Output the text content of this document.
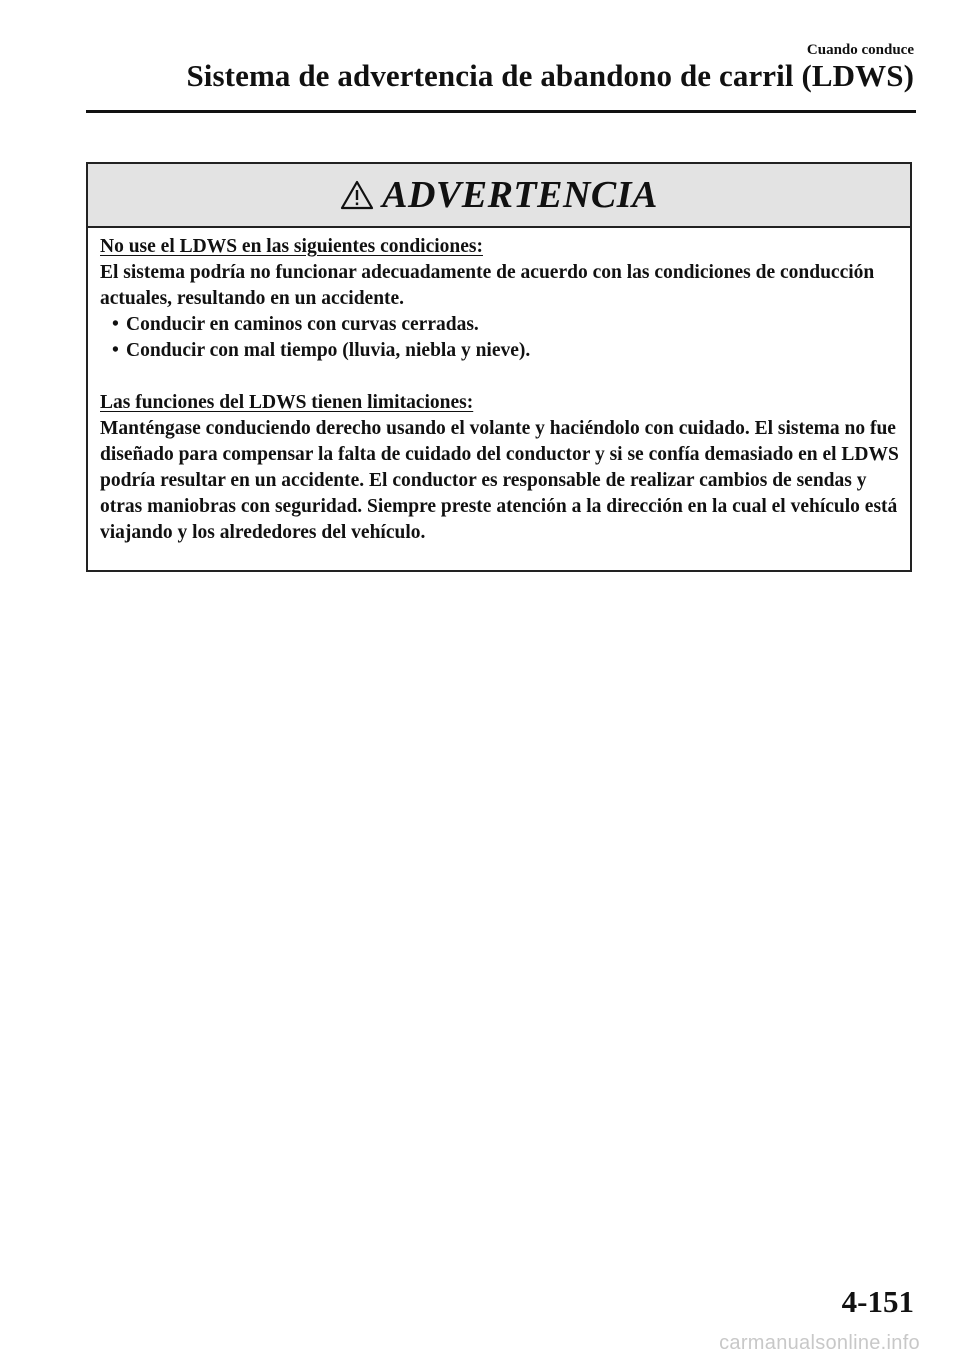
Cuando conduce
Sistema de advertencia de abandono de carril (LDWS)
ADVERTENCIA

No use el LDWS en las siguientes condiciones:

El sistema podría no funcionar adecuadamente de acuerdo con las condiciones de conducción actuales, resultando en un accidente.

• Conducir en caminos con curvas cerradas.
• Conducir con mal tiempo (lluvia, niebla y nieve).

Las funciones del LDWS tienen limitaciones:

Manténgase conduciendo derecho usando el volante y haciéndolo con cuidado. El sistema no fue diseñado para compensar la falta de cuidado del conductor y si se confía demasiado en el LDWS podría resultar en un accidente. El conductor es responsable de realizar cambios de sendas y otras maniobras con seguridad. Siempre preste atención a la dirección en la cual el vehículo está viajando y los alrededores del vehículo.

4-151
carmanualsonline.info
